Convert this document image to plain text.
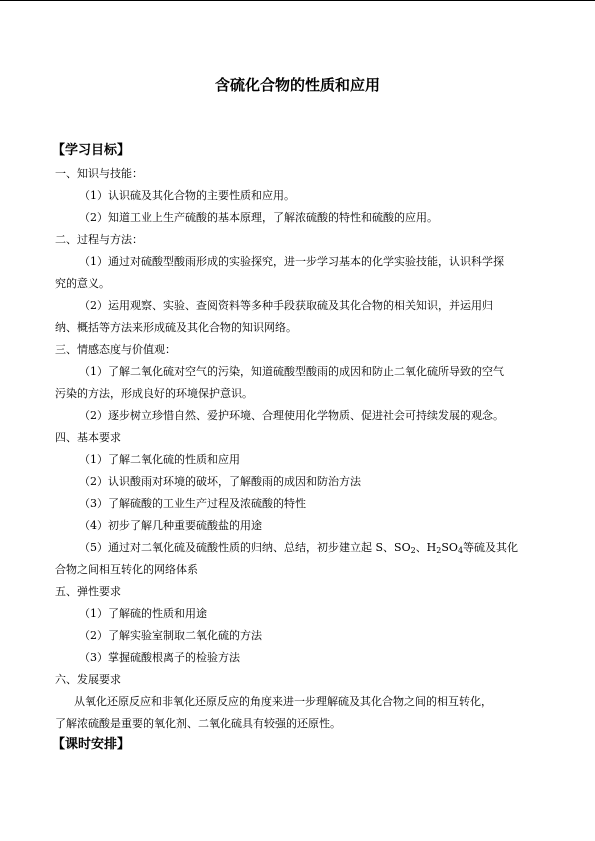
含硫化合物的性质和应用
【学习目标】
一、知识与技能：
（1）认识硫及其化合物的主要性质和应用。
（2）知道工业上生产硫酸的基本原理，了解浓硫酸的特性和硫酸的应用。
二、过程与方法：
（1）通过对硫酸型酸雨形成的实验探究，进一步学习基本的化学实验技能，认识科学探
究的意义。
（2）运用观察、实验、查阅资料等多种手段获取硫及其化合物的相关知识，并运用归
纳、概括等方法来形成硫及其化合物的知识网络。
三、情感态度与价值观：
（1）了解二氧化硫对空气的污染，知道硫酸型酸雨的成因和防止二氧化硫所导致的空气
污染的方法，形成良好的环境保护意识。
（2）逐步树立珍惜自然、爱护环境、合理使用化学物质、促进社会可持续发展的观念。
四、基本要求
（1）了解二氧化硫的性质和应用
（2）认识酸雨对环境的破坏，了解酸雨的成因和防治方法
（3）了解硫酸的工业生产过程及浓硫酸的特性
（4）初步了解几种重要硫酸盐的用途
（5）通过对二氧化硫及硫酸性质的归纳、总结，初步建立起 S、$SO_2$、$H_2SO_4$等硫及其化
合物之间相互转化的网络体系
五、弹性要求
（1）了解硫的性质和用途
（2）了解实验室制取二氧化硫的方法
（3）掌握硫酸根离子的检验方法
六、发展要求
从氧化还原反应和非氧化还原反应的角度来进一步理解硫及其化合物之间的相互转化，
了解浓硫酸是重要的氧化剂、二氧化硫具有较强的还原性。
【课时安排】
